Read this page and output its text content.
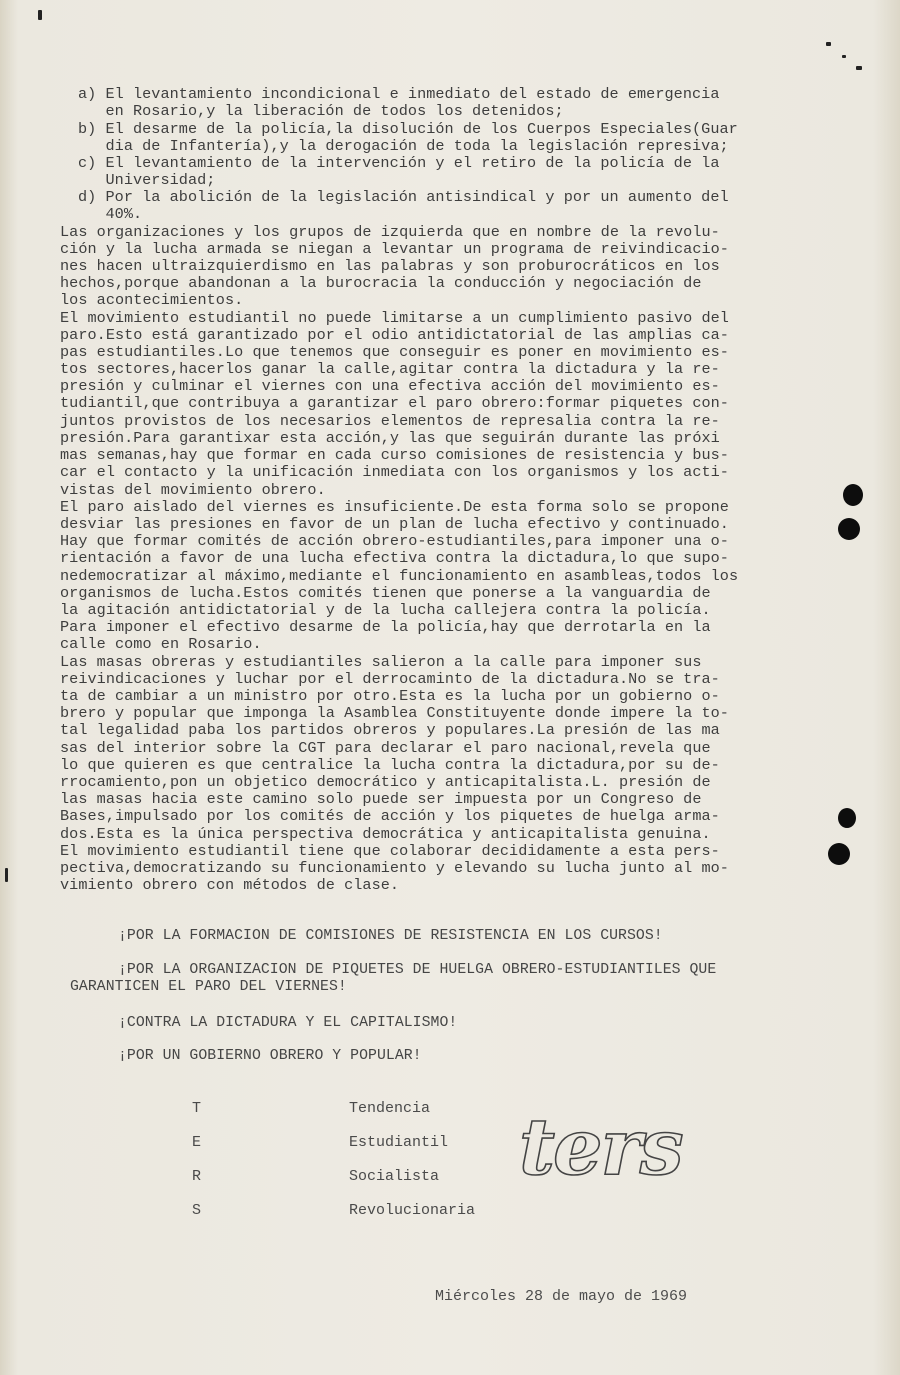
a) El levantamiento incondicional e inmediato del estado de emergencia
en Rosario,y la liberación de todos los detenidos;
b) El desarme de la policía,la disolución de los Cuerpos Especiales(Guar
dia de Infantería),y la derogación de toda la legislación represiva;
c) El levantamiento de la intervención y el retiro de la policía de la
Universidad;
d) Por la abolición de la legislación antisindical y por un aumento del
40%.
Las organizaciones y los grupos de izquierda que en nombre de la revolu-
ción y la lucha armada se niegan a levantar un programa de reivindicacio-
nes hacen ultraizquierdismo en las palabras y son proburocráticos en los
hechos,porque abandonan a la burocracia la conducción y negociación de
los acontecimientos.
El movimiento estudiantil no puede limitarse a un cumplimiento pasivo del
paro.Esto está garantizado por el odio antidictatorial de las amplias ca-
pas estudiantiles.Lo que tenemos que conseguir es poner en movimiento es-
tos sectores,hacerlos ganar la calle,agitar contra la dictadura y la re-
presión y culminar el viernes con una efectiva acción del movimiento es-
tudiantil,que contribuya a garantizar el paro obrero:formar piquetes con-
juntos provistos de los necesarios elementos de represalia contra la re-
presión.Para garantixar esta acción,y las que seguirán durante las próxi
mas semanas,hay que formar en cada curso comisiones de resistencia y bus-
car el contacto y la unificación inmediata con los organismos y los acti-
vistas del movimiento obrero.
El paro aislado del viernes es insuficiente.De esta forma solo se propone
desviar las presiones en favor de un plan de lucha efectivo y continuado.
Hay que formar comités de acción obrero-estudiantiles,para imponer una o-
rientación a favor de una lucha efectiva contra la dictadura,lo que supo-
nedemocratizar al máximo,mediante el funcionamiento en asambleas,todos los
organismos de lucha.Estos comités tienen que ponerse a la vanguardia de
la agitación antidictatorial y de la lucha callejera contra la policía.
Para imponer el efectivo desarme de la policía,hay que derrotarla en la
calle como en Rosario.
Las masas obreras y estudiantiles salieron a la calle para imponer sus
reivindicaciones y luchar por el derrocaminto de la dictadura.No se tra-
ta de cambiar a un ministro por otro.Esta es la lucha por un gobierno o-
brero y popular que imponga la Asamblea Constituyente donde impere la to-
tal legalidad paba los partidos obreros y populares.La presión de las ma
sas del interior sobre la CGT para declarar el paro nacional,revela que
lo que quieren es que centralice la lucha contra la dictadura,por su de-
rrocamiento,pon un objetico democrático y anticapitalista.L. presión de
las masas hacia este camino solo puede ser impuesta por un Congreso de
Bases,impulsado por los comités de acción y los piquetes de huelga arma-
dos.Esta es la única perspectiva democrática y anticapitalista genuina.
El movimiento estudiantil tiene que colaborar decididamente a esta pers-
pectiva,democratizando su funcionamiento y elevando su lucha junto al mo-
vimiento obrero con métodos de clase.
¡POR LA FORMACION DE COMISIONES DE RESISTENCIA EN LOS CURSOS!
¡POR LA ORGANIZACION DE PIQUETES DE HUELGA OBRERO-ESTUDIANTILES QUE
GARANTICEN EL PARO DEL VIERNES!
¡CONTRA LA DICTADURA Y EL CAPITALISMO!
¡POR UN GOBIERNO OBRERO Y POPULAR!
T
E
R
S
Tendencia
Estudiantil
Socialista
Revolucionaria
ters
Miércoles 28 de mayo de 1969
